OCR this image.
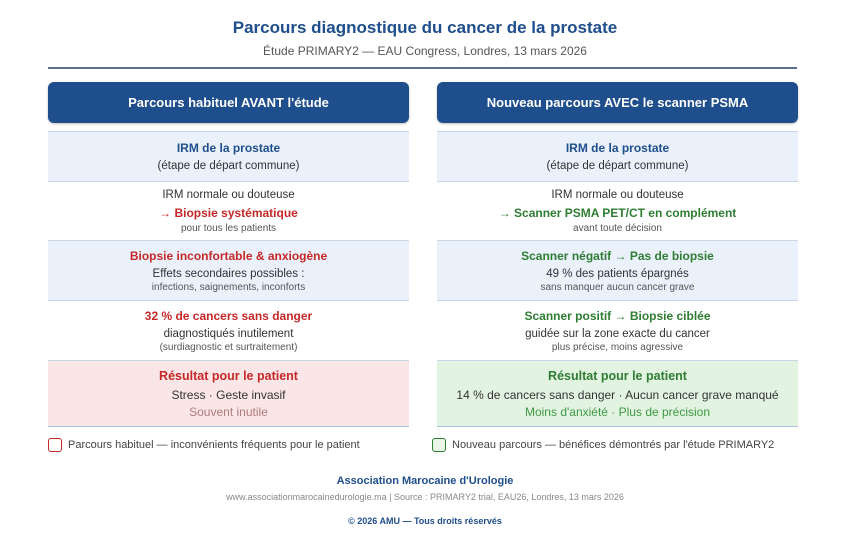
Parcours diagnostique du cancer de la prostate
Étude PRIMARY2 — EAU Congress, Londres, 13 mars 2026
Parcours habituel AVANT l'étude	Nouveau parcours AVEC le scanner PSMA
IRM de la prostate
(étape de départ commune)
IRM de la prostate
(étape de départ commune)
IRM normale ou douteuse
→ Biopsie systématique
pour tous les patients
IRM normale ou douteuse
→ Scanner PSMA PET/CT en complément
avant toute décision
Biopsie inconfortable & anxiogène
Effets secondaires possibles :
infections, saignements, inconforts
Scanner négatif → Pas de biopsie
49 % des patients épargnés
sans manquer aucun cancer grave
32 % de cancers sans danger
diagnostiqués inutilement
(surdiagnostic et surtraitement)
Scanner positif → Biopsie ciblée
guidée sur la zone exacte du cancer
plus précise, moins agressive
Résultat pour le patient
Stress · Geste invasif
Souvent inutile
Résultat pour le patient
14 % de cancers sans danger · Aucun cancer grave manqué
Moins d'anxiété · Plus de précision
Parcours habituel — inconvénients fréquents pour le patient	Nouveau parcours — bénéfices démontrés par l'étude PRIMARY2
Association Marocaine d'Urologie
www.associationmarocainedurologie.ma | Source : PRIMARY2 trial, EAU26, Londres, 13 mars 2026
© 2026 AMU — Tous droits réservés
